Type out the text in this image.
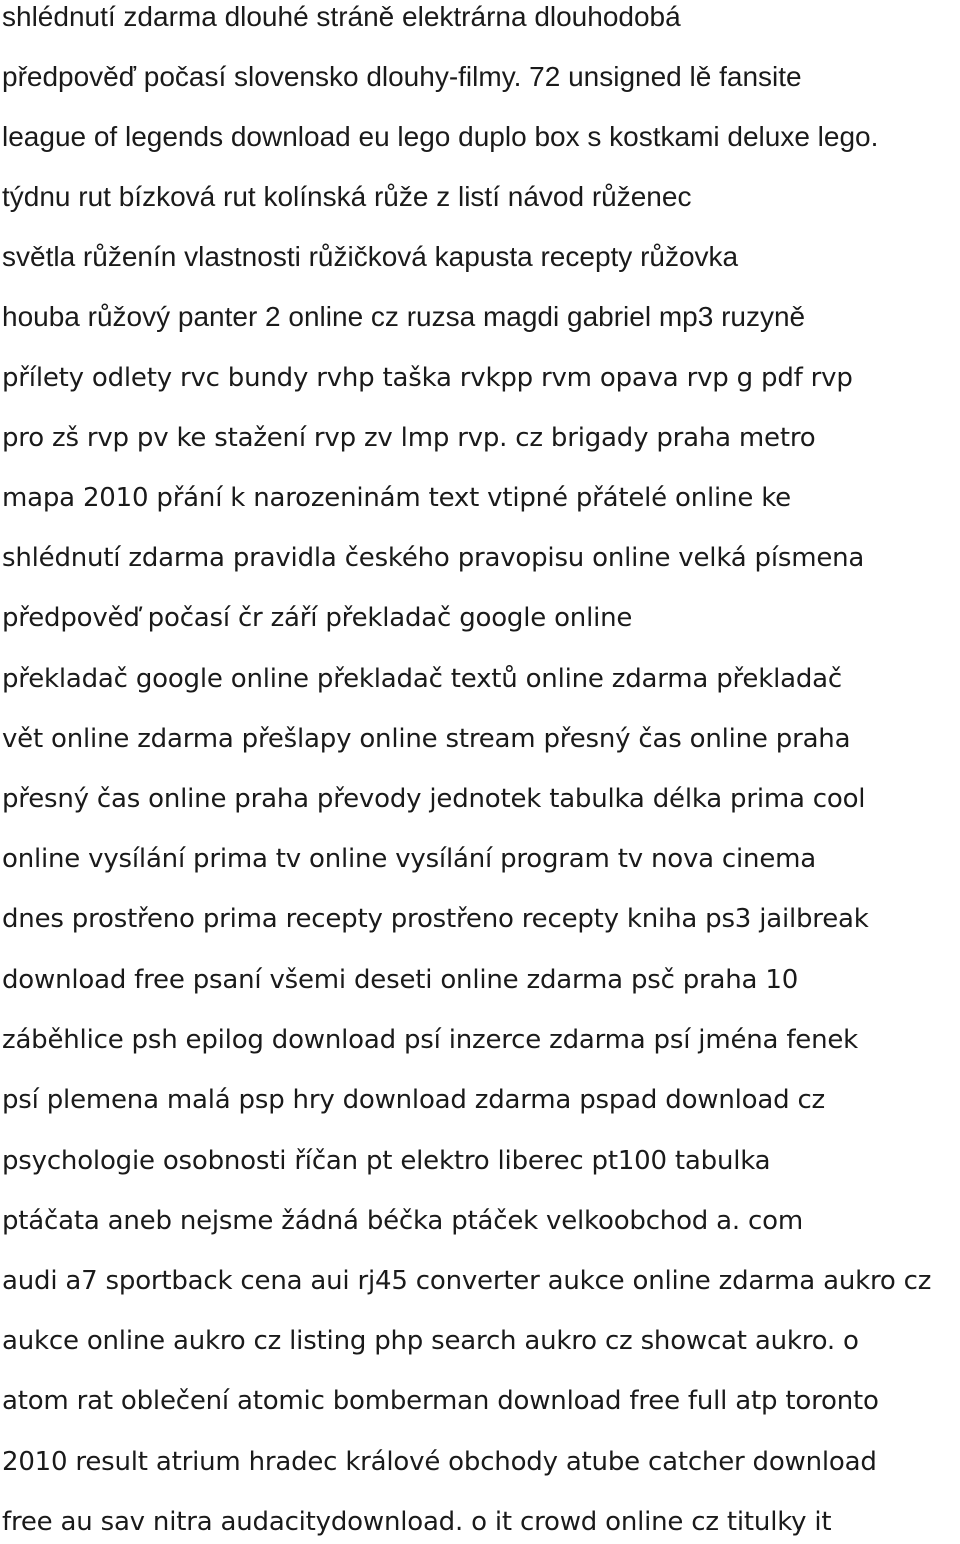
shlédnutí zdarma dlouhé stráně elektrárna dlouhodobá
předpověď počasí slovensko dlouhy-filmy. 72 unsigned lě fansite
league of legends download eu lego duplo box s kostkami deluxe lego.
týdnu rut bízková rut kolínská růže z listí návod růženec
světla růženín vlastnosti růžičková kapusta recepty růžovka
houba růžový panter 2 online cz ruzsa magdi gabriel mp3 ruzyně
přílety odlety rvc bundy rvhp taška rvkpp rvm opava rvp g pdf rvp
pro zš rvp pv ke stažení rvp zv lmp rvp. cz brigady praha metro
mapa 2010 přání k narozeninám text vtipné přátelé online ke
shlédnutí zdarma pravidla českého pravopisu online velká písmena
předpověď počasí čr září překladač google online
překladač google online překladač textů online zdarma překladač
vět online zdarma přešlapy online stream přesný čas online praha
přesný čas online praha převody jednotek tabulka délka prima cool
online vysílání prima tv online vysílání program tv nova cinema
dnes prostřeno prima recepty prostřeno recepty kniha ps3 jailbreak
download free psaní všemi deseti online zdarma psč praha 10
záběhlice psh epilog download psí inzerce zdarma psí jména fenek
psí plemena malá psp hry download zdarma pspad download cz
psychologie osobnosti říčan pt elektro liberec pt100 tabulka
ptáčata aneb nejsme žádná béčka ptáček velkoobchod a. com
audi a7 sportback cena aui rj45 converter aukce online zdarma aukro cz
aukce online aukro cz listing php search aukro cz showcat aukro. o
atom rat oblečení atomic bomberman download free full atp toronto
2010 result atrium hradec králové obchody atube catcher download
free au sav nitra audacitydownload. o it crowd online cz titulky it
